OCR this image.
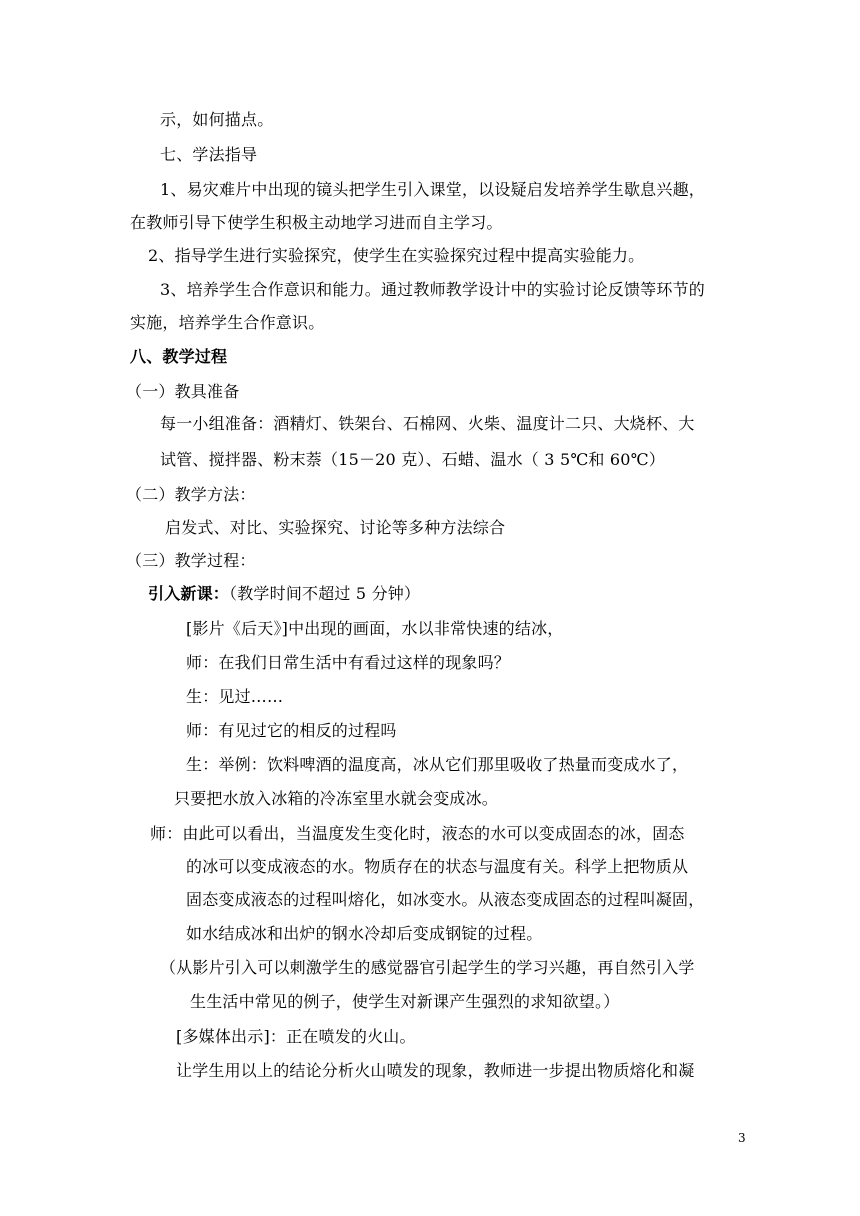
示，如何描点。
七、学法指导
1、易灾难片中出现的镜头把学生引入课堂，以设疑启发培养学生歇息兴趣，
在教师引导下使学生积极主动地学习进而自主学习。
2、指导学生进行实验探究，使学生在实验探究过程中提高实验能力。
3、培养学生合作意识和能力。通过教师教学设计中的实验讨论反馈等环节的
实施，培养学生合作意识。
八、教学过程
（一）教具准备
每一小组准备：酒精灯、铁架台、石棉网、火柴、温度计二只、大烧杯、大
试管、搅拌器、粉末萘（15－20 克）、石蜡、温水（ 3 5℃和 60℃）
（二）教学方法：
启发式、对比、实验探究、讨论等多种方法综合
（三）教学过程：
引入新课：（教学时间不超过 5 分钟）
[影片《后天》]中出现的画面，水以非常快速的结冰，
师：在我们日常生活中有看过这样的现象吗？
生：见过……
师：有见过它的相反的过程吗
生：举例：饮料啤酒的温度高，冰从它们那里吸收了热量而变成水了，
只要把水放入冰箱的冷冻室里水就会变成冰。
师：由此可以看出，当温度发生变化时，液态的水可以变成固态的冰，固态
的冰可以变成液态的水。物质存在的状态与温度有关。科学上把物质从
固态变成液态的过程叫熔化，如冰变水。从液态变成固态的过程叫凝固，
如水结成冰和出炉的钢水冷却后变成钢锭的过程。
（从影片引入可以刺激学生的感觉器官引起学生的学习兴趣，再自然引入学
生生活中常见的例子，使学生对新课产生强烈的求知欲望。）
[多媒体出示]：正在喷发的火山。
让学生用以上的结论分析火山喷发的现象，教师进一步提出物质熔化和凝
3
